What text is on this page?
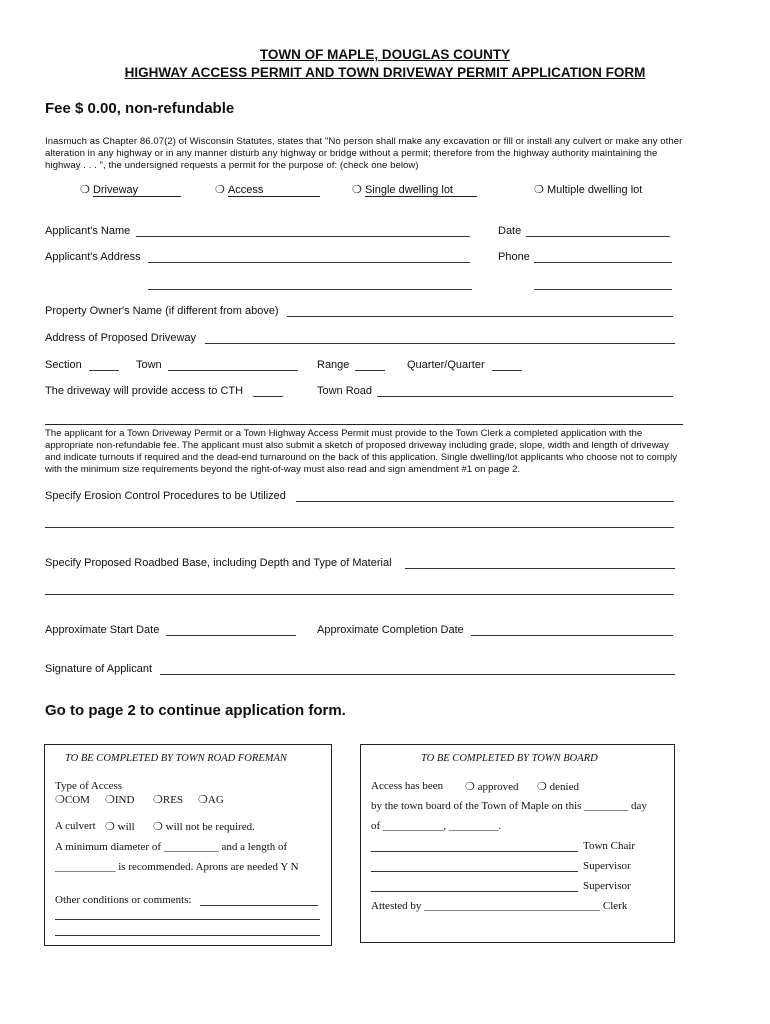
TOWN OF MAPLE, DOUGLAS COUNTY
HIGHWAY ACCESS PERMIT AND TOWN DRIVEWAY PERMIT APPLICATION FORM
Fee $ 0.00, non-refundable
Inasmuch as Chapter 86.07(2) of Wisconsin Statutes, states that "No person shall make any excavation or fill or install any culvert or make any other alteration in any highway or in any manner disturb any highway or bridge without a permit; therefore from the highway authority maintaining the highway . . . ", the undersigned requests a permit for the purpose of: (check one below)
❍ Driveway	❍ Access	❍ Single dwelling lot	❍ Multiple dwelling lot
Applicant's Name	Date
Applicant's Address	Phone
Property Owner's Name (if different from above)
Address of Proposed Driveway
Section	Town	Range	Quarter/Quarter
The driveway will provide access to CTH	Town Road
The applicant for a Town Driveway Permit or a Town Highway Access Permit must provide to the Town Clerk a completed application with the appropriate non-refundable fee. The applicant must also submit a sketch of proposed driveway including grade, slope, width and length of driveway and indicate turnouts if required and the dead-end turnaround on the back of this application. Single dwelling/lot applicants who choose not to comply with the minimum size requirements beyond the right-of-way must also read and sign amendment #1 on page 2.
Specify Erosion Control Procedures to be Utilized
Specify Proposed Roadbed Base, including Depth and Type of Material
Approximate Start Date	Approximate Completion Date
Signature of Applicant
Go to page 2 to continue application form.
TO BE COMPLETED BY TOWN ROAD FOREMAN
Type of Access
❍COM ❍IND ❍RES ❍AG
A culvert ❍ will ❍ will not be required.
A minimum diameter of __________ and a length of
___________ is recommended. Aprons are needed Y N
Other conditions or comments:
TO BE COMPLETED BY TOWN BOARD
Access has been ❍ approved ❍ denied
by the town board of the Town of Maple on this ________ day
of ___________, _________.
Town Chair
Supervisor
Supervisor
Attested by ________________________________ Clerk
